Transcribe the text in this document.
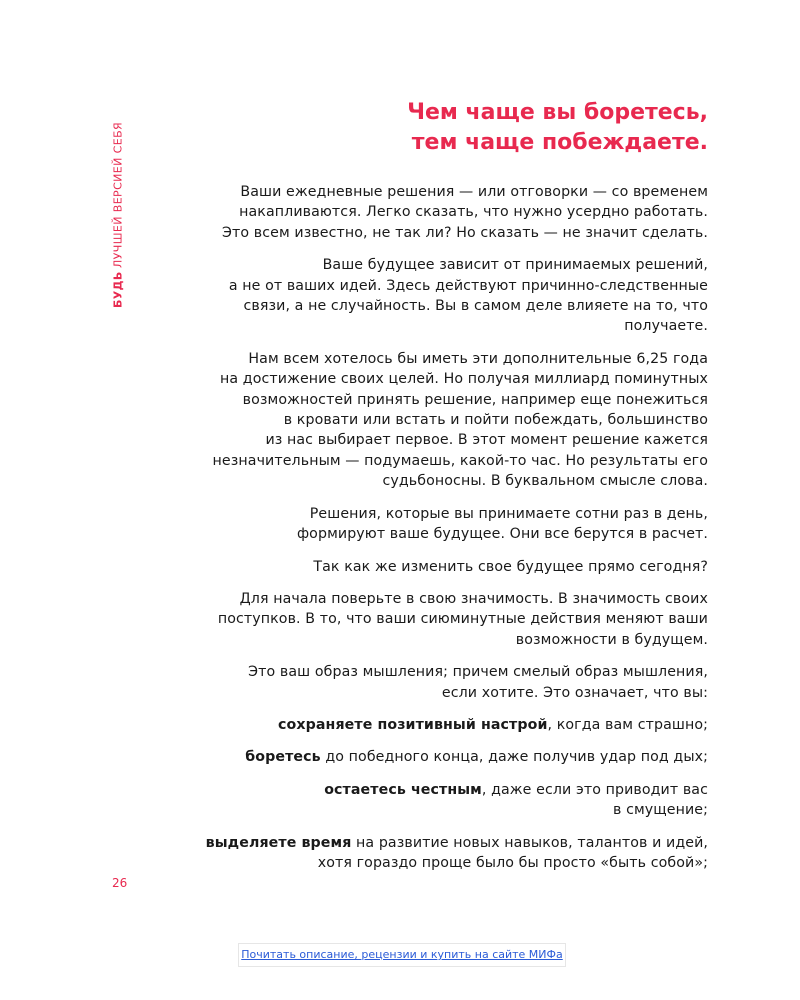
БУДЬ
ЛУЧШЕЙ ВЕРСИЕЙ СЕБЯ
Чем чаще вы боретесь,
тем чаще побеждаете.

Ваши ежедневные решения — или отговорки — со временем
накапливаются. Легко сказать, что нужно усердно работать.
Это всем известно, не так ли? Но сказать — не значит сделать.

Ваше будущее зависит от принимаемых решений,
а не от ваших идей. Здесь действуют причинно-следственные
связи, а не случайность. Вы в самом деле влияете на то, что
получаете.

Нам всем хотелось бы иметь эти дополнительные 6,25 года
на достижение своих целей. Но получая миллиард поминутных
возможностей принять решение, например еще понежиться
в кровати или встать и пойти побеждать, большинство
из нас выбирает первое. В этот момент решение кажется
незначительным — подумаешь, какой-то час. Но результаты его
судьбоносны. В буквальном смысле слова.

Решения, которые вы принимаете сотни раз в день,
формируют ваше будущее. Они все берутся в расчет.

Так как же изменить свое будущее прямо сегодня?

Для начала поверьте в свою значимость. В значимость своих
поступков. В то, что ваши сиюминутные действия меняют ваши
возможности в будущем.

Это ваш образ мышления; причем смелый образ мышления,
если хотите. Это означает, что вы:

сохраняете позитивный настрой, когда вам страшно;

боретесь до победного конца, даже получив удар под дых;

остаетесь честным, даже если это приводит вас
в смущение;

выделяете время на развитие новых навыков, талантов и идей,
хотя гораздо проще было бы просто «быть собой»;

26
Почитать описание, рецензии и купить на сайте МИФа
